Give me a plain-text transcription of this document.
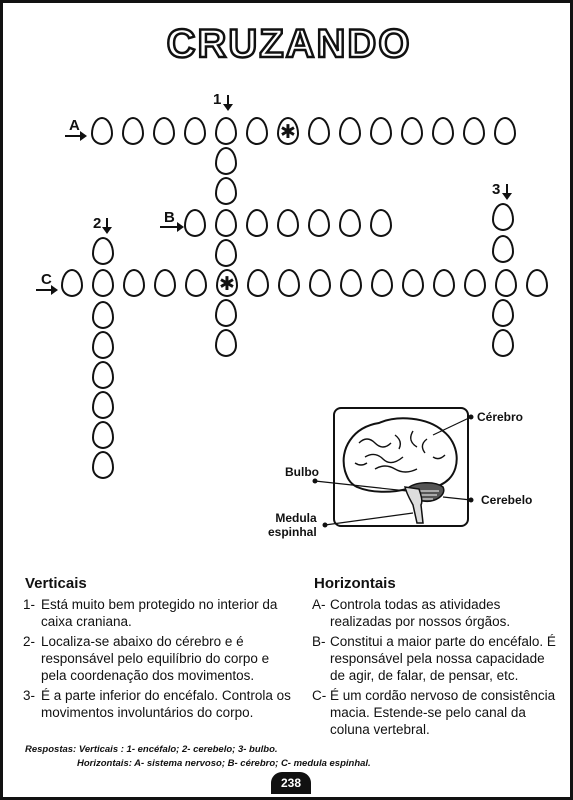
CRUZANDO
1
2
3
A
B
C
✱
✱
Cérebro
Bulbo
Cerebelo
Medula
espinhal
Verticais
1- Está muito bem protegido no interior da caixa craniana.
2- Localiza-se abaixo do cérebro e é responsável pelo equilíbrio do corpo e pela coordenação dos movimentos.
3- É a parte inferior do encéfalo. Controla os movimentos involuntários do corpo.
Horizontais
A- Controla todas as atividades realizadas por nossos órgãos.
B- Constitui a maior parte do encéfalo. É responsável pela nossa capacidade de agir, de falar, de pensar, etc.
C- É um cordão nervoso de consistência macia. Estende-se pelo canal da coluna vertebral.
Respostas: Verticais : 1- encéfalo; 2- cerebelo; 3- bulbo.
Horizontais: A- sistema nervoso; B- cérebro; C- medula espinhal.
238
